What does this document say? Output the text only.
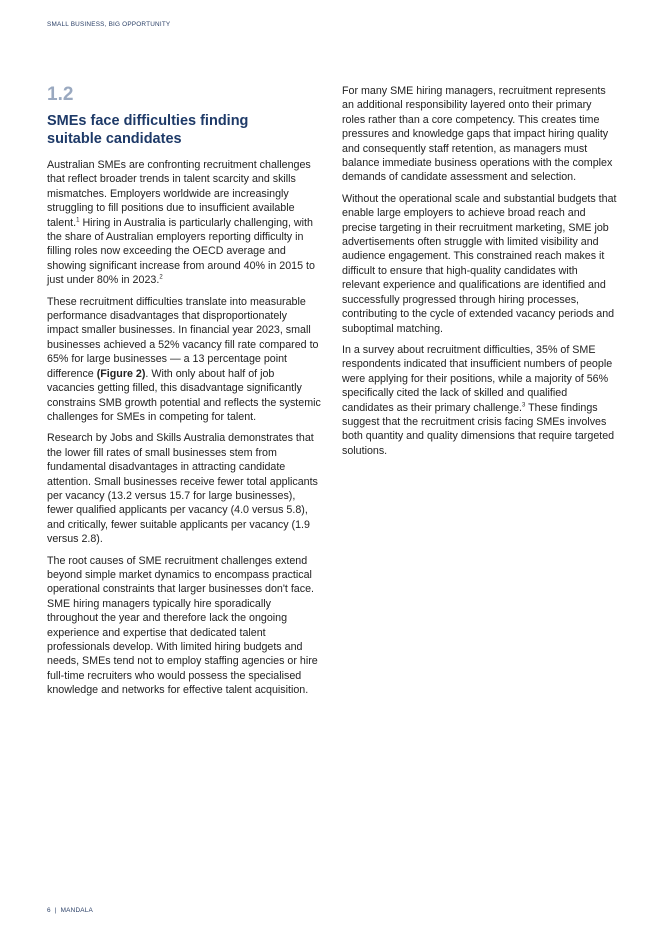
SMALL BUSINESS, BIG OPPORTUNITY
1.2
SMEs face difficulties finding
suitable candidates

Australian SMEs are confronting recruitment challenges that reflect broader trends in talent scarcity and skills mismatches. Employers worldwide are increasingly struggling to fill positions due to insufficient available talent.$^1$ Hiring in Australia is particularly challenging, with the share of Australian employers reporting difficulty in filling roles now exceeding the OECD average and showing significant increase from around 40% in 2015 to just under 80% in 2023.$^2$

These recruitment difficulties translate into measurable performance disadvantages that disproportionately impact smaller businesses. In financial year 2023, small businesses achieved a 52% vacancy fill rate compared to 65% for large businesses — a 13 percentage point difference (Figure 2). With only about half of job vacancies getting filled, this disadvantage significantly constrains SMB growth potential and reflects the systemic challenges for SMEs in competing for talent.

Research by Jobs and Skills Australia demonstrates that the lower fill rates of small businesses stem from fundamental disadvantages in attracting candidate attention. Small businesses receive fewer total applicants per vacancy (13.2 versus 15.7 for large businesses), fewer qualified applicants per vacancy (4.0 versus 5.8), and critically, fewer suitable applicants per vacancy (1.9 versus 2.8).

The root causes of SME recruitment challenges extend beyond simple market dynamics to encompass practical operational constraints that larger businesses don't face. SME hiring managers typically hire sporadically throughout the year and therefore lack the ongoing experience and expertise that dedicated talent professionals develop. With limited hiring budgets and needs, SMEs tend not to employ staffing agencies or hire full-time recruiters who would possess the specialised knowledge and networks for effective talent acquisition.

For many SME hiring managers, recruitment represents an additional responsibility layered onto their primary roles rather than a core competency. This creates time pressures and knowledge gaps that impact hiring quality and consequently staff retention, as managers must balance immediate business operations with the complex demands of candidate assessment and selection.

Without the operational scale and substantial budgets that enable large employers to achieve broad reach and precise targeting in their recruitment marketing, SME job advertisements often struggle with limited visibility and audience engagement. This constrained reach makes it difficult to ensure that high-quality candidates with relevant experience and qualifications are identified and successfully progressed through hiring processes, contributing to the cycle of extended vacancy periods and suboptimal matching.

In a survey about recruitment difficulties, 35% of SME respondents indicated that insufficient numbers of people were applying for their positions, while a majority of 56% specifically cited the lack of skilled and qualified candidates as their primary challenge.$^3$ These findings suggest that the recruitment crisis facing SMEs involves both quantity and quality dimensions that require targeted solutions.

6 | MANDALA
